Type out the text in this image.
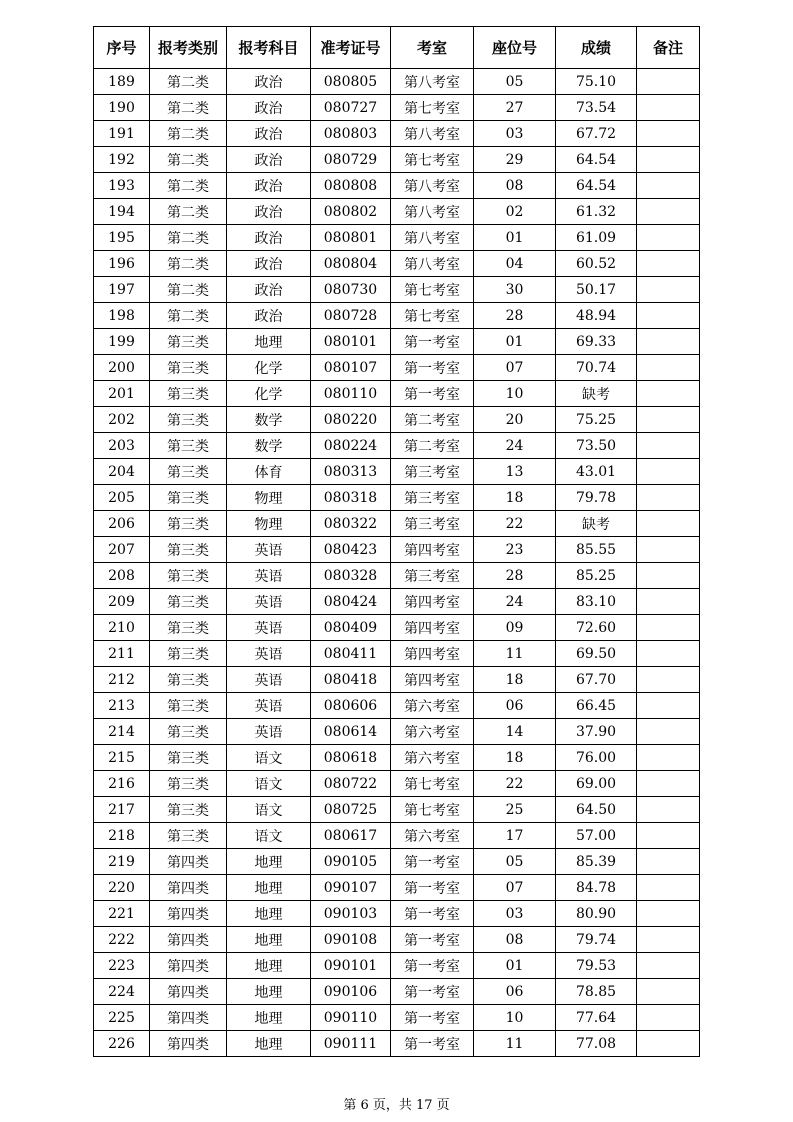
序号	报考类别	报考科目	准考证号	考室	座位号	成绩	备注
189	第二类	政治	080805	第八考室	05	75.10	
190	第二类	政治	080727	第七考室	27	73.54	
191	第二类	政治	080803	第八考室	03	67.72	
192	第二类	政治	080729	第七考室	29	64.54	
193	第二类	政治	080808	第八考室	08	64.54	
194	第二类	政治	080802	第八考室	02	61.32	
195	第二类	政治	080801	第八考室	01	61.09	
196	第二类	政治	080804	第八考室	04	60.52	
197	第二类	政治	080730	第七考室	30	50.17	
198	第二类	政治	080728	第七考室	28	48.94	
199	第三类	地理	080101	第一考室	01	69.33	
200	第三类	化学	080107	第一考室	07	70.74	
201	第三类	化学	080110	第一考室	10	缺考	
202	第三类	数学	080220	第二考室	20	75.25	
203	第三类	数学	080224	第二考室	24	73.50	
204	第三类	体育	080313	第三考室	13	43.01	
205	第三类	物理	080318	第三考室	18	79.78	
206	第三类	物理	080322	第三考室	22	缺考	
207	第三类	英语	080423	第四考室	23	85.55	
208	第三类	英语	080328	第三考室	28	85.25	
209	第三类	英语	080424	第四考室	24	83.10	
210	第三类	英语	080409	第四考室	09	72.60	
211	第三类	英语	080411	第四考室	11	69.50	
212	第三类	英语	080418	第四考室	18	67.70	
213	第三类	英语	080606	第六考室	06	66.45	
214	第三类	英语	080614	第六考室	14	37.90	
215	第三类	语文	080618	第六考室	18	76.00	
216	第三类	语文	080722	第七考室	22	69.00	
217	第三类	语文	080725	第七考室	25	64.50	
218	第三类	语文	080617	第六考室	17	57.00	
219	第四类	地理	090105	第一考室	05	85.39	
220	第四类	地理	090107	第一考室	07	84.78	
221	第四类	地理	090103	第一考室	03	80.90	
222	第四类	地理	090108	第一考室	08	79.74	
223	第四类	地理	090101	第一考室	01	79.53	
224	第四类	地理	090106	第一考室	06	78.85	
225	第四类	地理	090110	第一考室	10	77.64	
226	第四类	地理	090111	第一考室	11	77.08	
第 6 页，共 17 页
